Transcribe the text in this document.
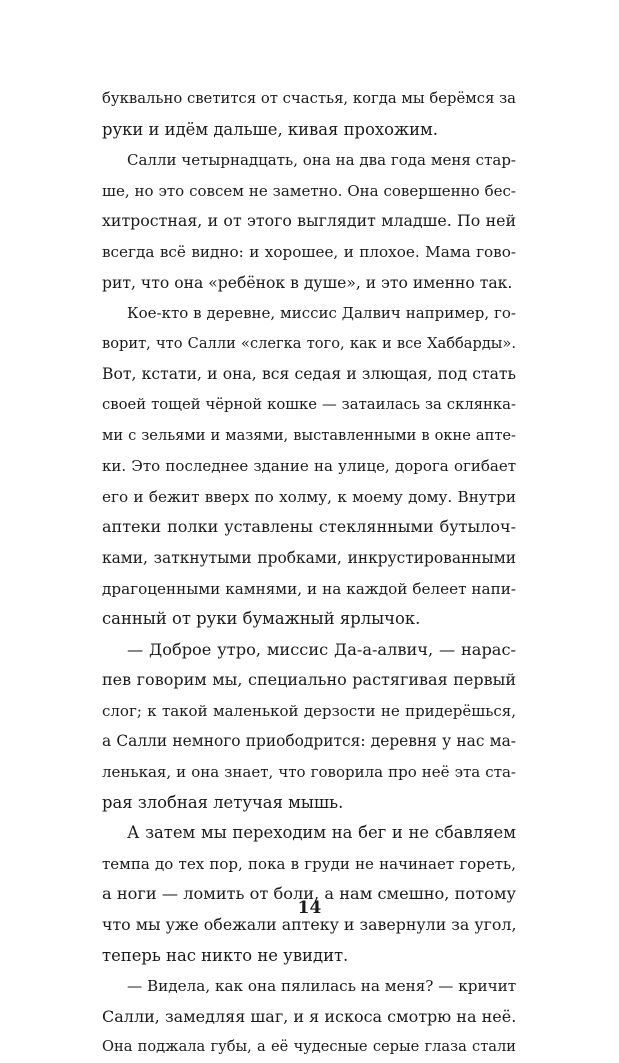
буквально светится от счастья, когда мы берёмся за
руки и идём дальше, кивая прохожим.
Салли четырнадцать, она на два года меня стар-
ше, но это совсем не заметно. Она совершенно бес-
хитростная, и от этого выглядит младше. По ней
всегда всё видно: и хорошее, и плохое. Мама гово-
рит, что она «ребёнок в душе», и это именно так.
Кое-кто в деревне, миссис Далвич например, го-
ворит, что Салли «слегка того, как и все Хаббарды».
Вот, кстати, и она, вся седая и злющая, под стать
своей тощей чёрной кошке — затаилась за склянка-
ми с зельями и мазями, выставленными в окне апте-
ки. Это последнее здание на улице, дорога огибает
его и бежит вверх по холму, к моему дому. Внутри
аптеки полки уставлены стеклянными бутылоч-
ками, заткнутыми пробками, инкрустированными
драгоценными камнями, и на каждой белеет напи-
санный от руки бумажный ярлычок.
— Доброе утро, миссис Да-а-алвич, — нарас-
пев говорим мы, специально растягивая первый
слог; к такой маленькой дерзости не придерёшься,
а Салли немного приободрится: деревня у нас ма-
ленькая, и она знает, что говорила про неё эта ста-
рая злобная летучая мышь.
А затем мы переходим на бег и не сбавляем
темпа до тех пор, пока в груди не начинает гореть,
а ноги — ломить от боли, а нам смешно, потому
что мы уже обежали аптеку и завернули за угол,
теперь нас никто не увидит.
— Видела, как она пялилась на меня? — кричит
Салли, замедляя шаг, и я искоса смотрю на неё.
Она поджала губы, а её чудесные серые глаза стали
14
